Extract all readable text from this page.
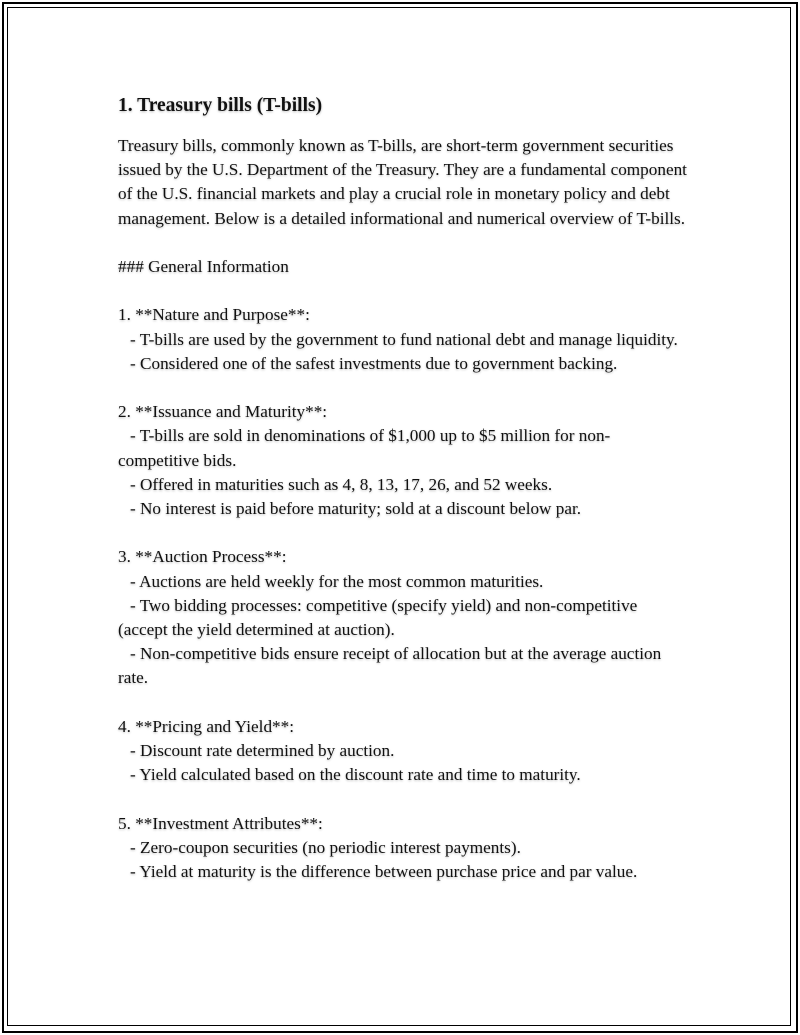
1. Treasury bills (T-bills)

Treasury bills, commonly known as T-bills, are short-term government securities issued by the U.S. Department of the Treasury. They are a fundamental component of the U.S. financial markets and play a crucial role in monetary policy and debt management. Below is a detailed informational and numerical overview of T-bills.

### General Information

1. **Nature and Purpose**:

- T-bills are used by the government to fund national debt and manage liquidity.

- Considered one of the safest investments due to government backing.

2. **Issuance and Maturity**:

- T-bills are sold in denominations of $1,000 up to $5 million for non-competitive bids.

- Offered in maturities such as 4, 8, 13, 17, 26, and 52 weeks.

- No interest is paid before maturity; sold at a discount below par.

3. **Auction Process**:

- Auctions are held weekly for the most common maturities.

- Two bidding processes: competitive (specify yield) and non-competitive (accept the yield determined at auction).

- Non-competitive bids ensure receipt of allocation but at the average auction rate.

4. **Pricing and Yield**:

- Discount rate determined by auction.

- Yield calculated based on the discount rate and time to maturity.

5. **Investment Attributes**:

- Zero-coupon securities (no periodic interest payments).

- Yield at maturity is the difference between purchase price and par value.
